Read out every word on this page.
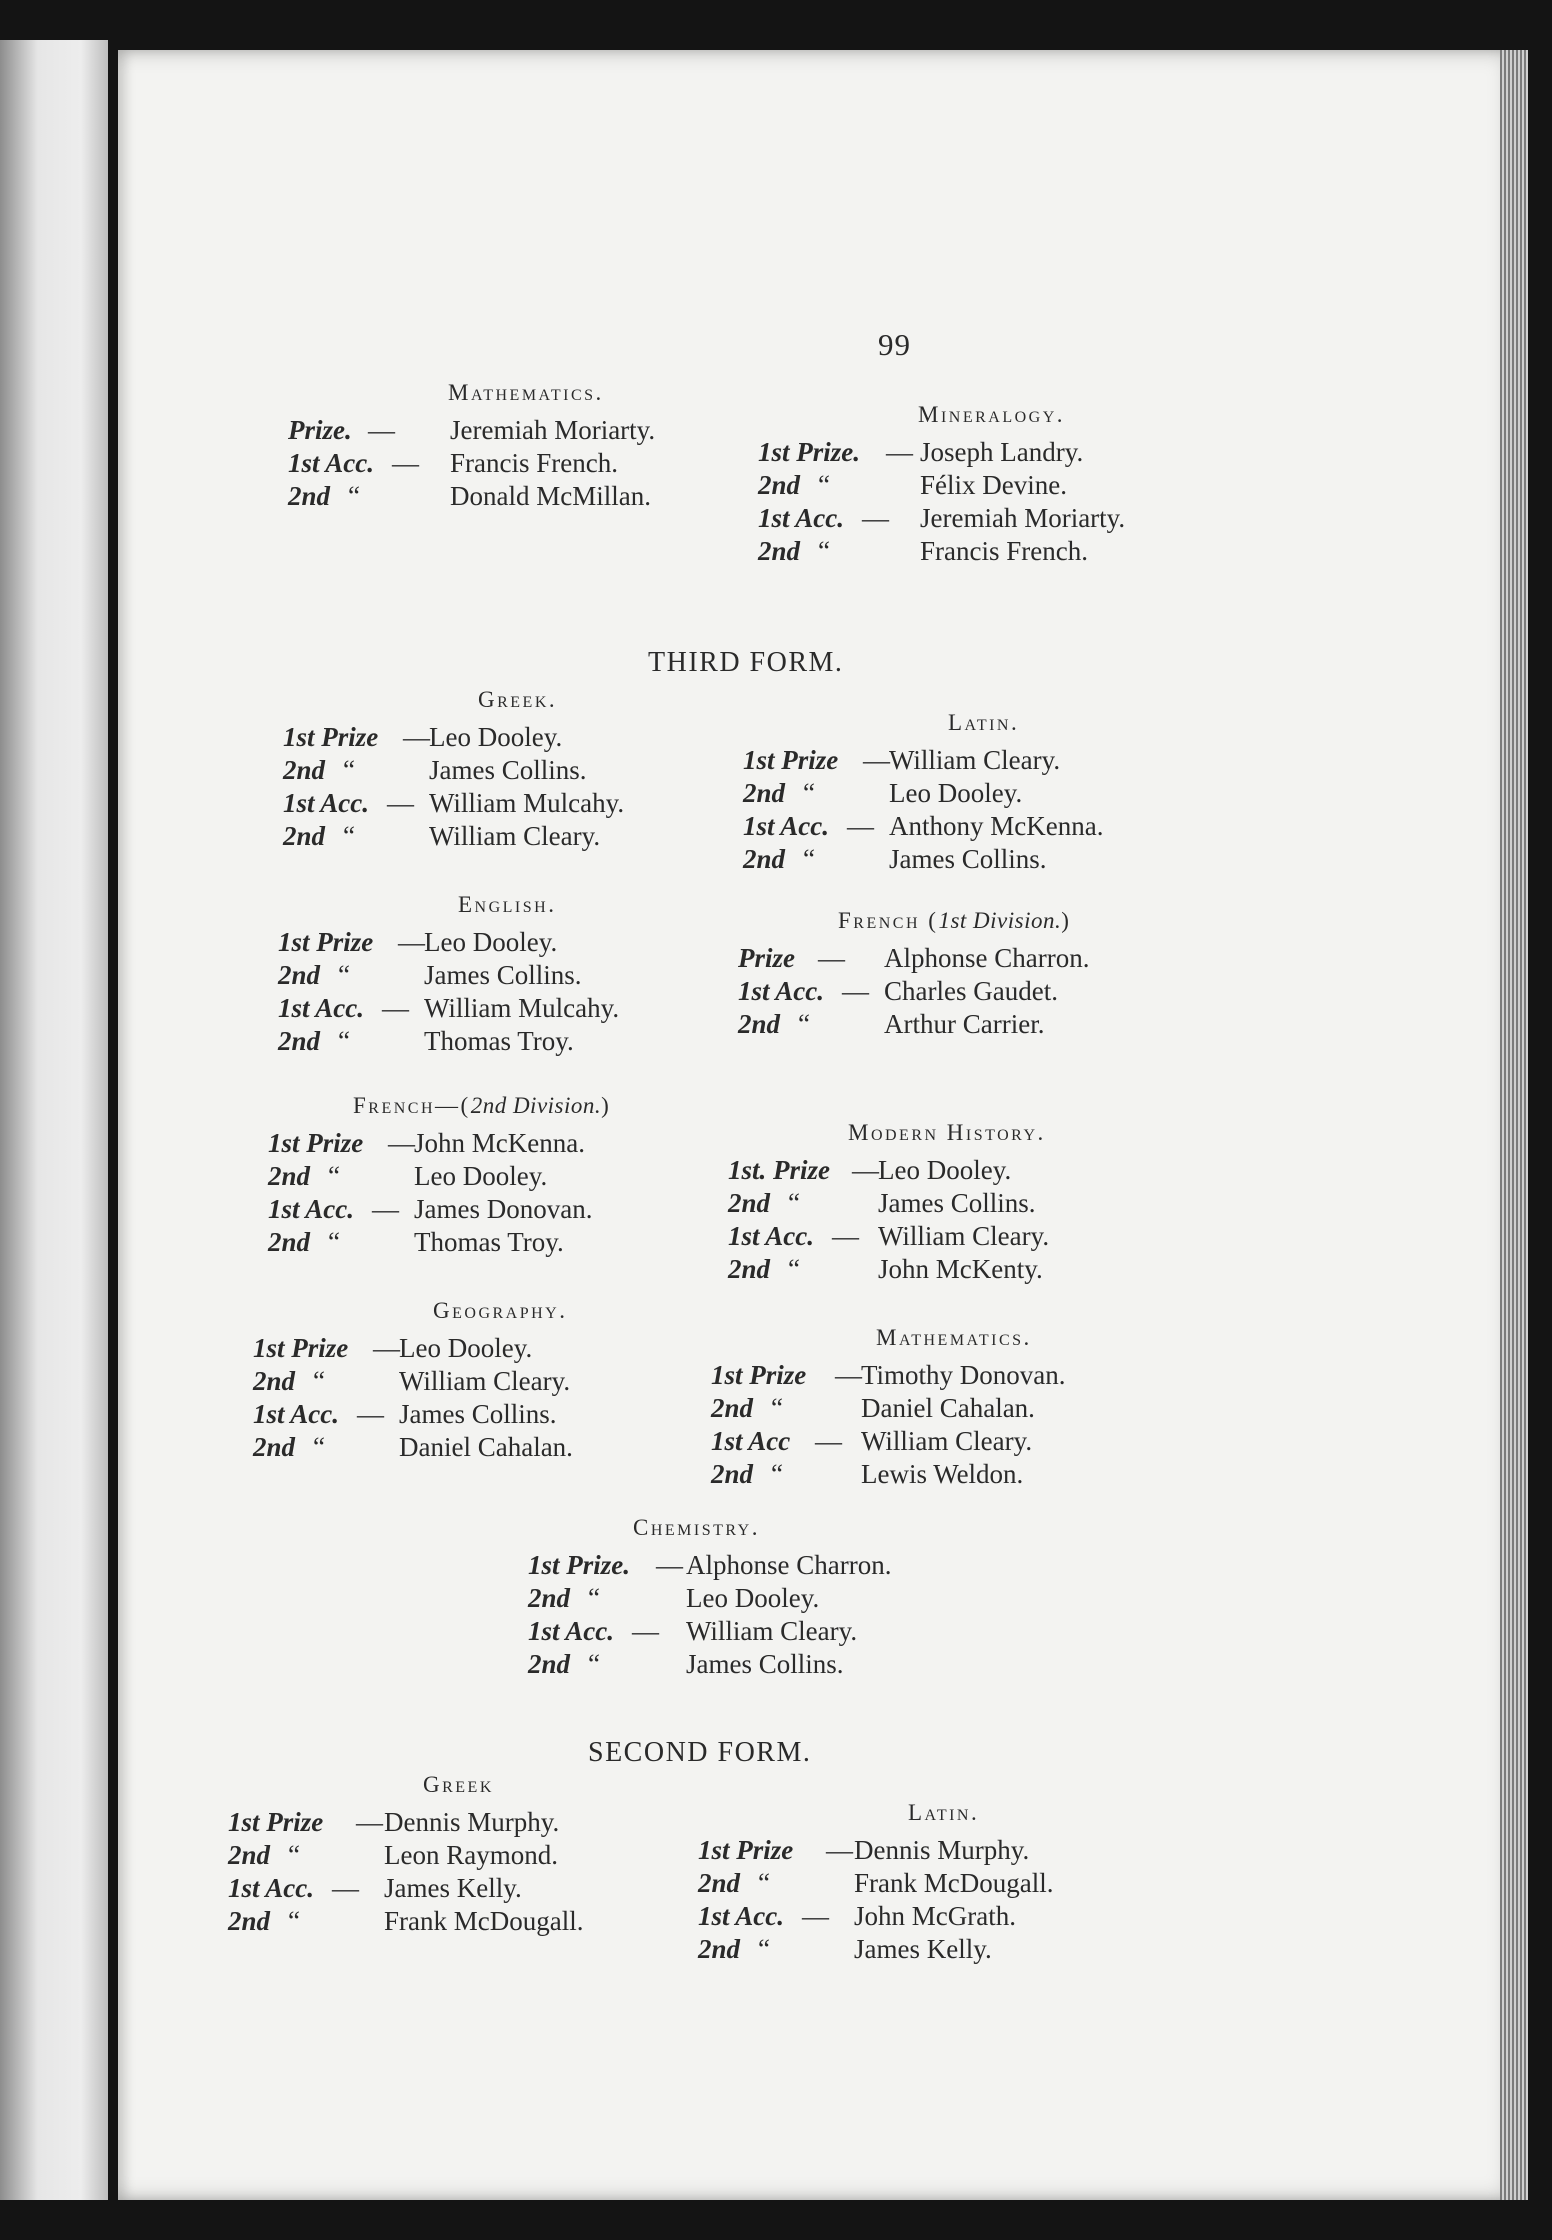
99
Mathematics.
Prize. —	Jeremiah Moriarty.
1st Acc. —	Francis French.
2nd “	Donald McMillan.
Mineralogy.
1st Prize. — Joseph Landry.
2nd “	Félix Devine.
1st Acc. —	Jeremiah Moriarty.
2nd “	Francis French.
THIRD FORM.
Greek.
1st Prize — Leo Dooley.
2nd “	James Collins.
1st Acc. — William Mulcahy.
2nd “	William Cleary.
Latin.
1st Prize — William Cleary.
2nd “	Leo Dooley.
1st Acc. — Anthony McKenna.
2nd “	James Collins.
English.
1st Prize — Leo Dooley.
2nd “	James Collins.
1st Acc. — William Mulcahy.
2nd “	Thomas Troy.
French (1st Division.)
Prize —	Alphonse Charron.
1st Acc. — Charles Gaudet.
2nd “	Arthur Carrier.
French—(2nd Division.)
1st Prize — John McKenna.
2nd “	Leo Dooley.
1st Acc. — James Donovan.
2nd “	Thomas Troy.
Modern History.
1st. Prize — Leo Dooley.
2nd “	James Collins.
1st Acc. — William Cleary.
2nd “	John McKenty.
Geography.
1st Prize — Leo Dooley.
2nd “	William Cleary.
1st Acc. — James Collins.
2nd “	Daniel Cahalan.
Mathematics.
1st Prize	— Timothy Donovan.
2nd “	Daniel Cahalan.
1st Acc — William Cleary.
2nd “	Lewis Weldon.
Chemistry.
1st Prize. — Alphonse Charron.
2nd “	Leo Dooley.
1st Acc. —	William Cleary.
2nd “	James Collins.
SECOND FORM.
Greek
1st Prize	— Dennis Murphy.
2nd “	Leon Raymond.
1st Acc. — James Kelly.
2nd “	Frank McDougall.
Latin.
1st Prize	— Dennis Murphy.
2nd “	Frank McDougall.
1st Acc. — John McGrath.
2nd “	James Kelly.
